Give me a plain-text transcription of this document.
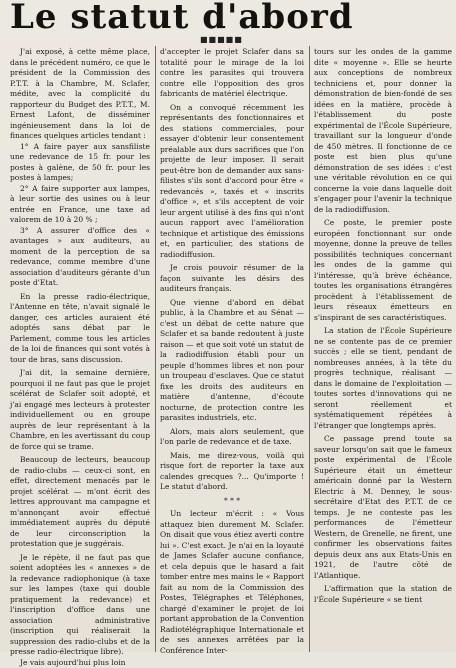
Le statut d'abord
■■■■■

J'ai exposé, à cette même place, dans le précédent numéro, ce que le président de la Commission des P.T.T. à la Chambre, M. Sclafer, médite, avec la complicité du rapporteur du Budget des P.T.T., M. Ernest Lafont, de disséminer ingénieusement dans la loi de finances quelques articles tendant :

1° A faire payer aux sansfiliste une redevance de 15 fr. pour les postes à galène, de 50 fr. pour les postes à lampes;

2° A faire supporter aux lampes, à leur sortie des usines ou à leur entrée en France, une taxe ad valorem de 10 à 20 % ;

3° A assurer d'office des « avantages » aux auditeurs, au moment de la perception de sa redevance, comme membre d'une association d'auditeurs gérante d'un poste d'Etat.

En la presse radio-électrique, l'Antenne en tête, n'avait signalé le danger, ces articles auraient été adoptés sans débat par le Parlement, comme tous les articles de la loi de finances qui sont votés à tour de bras, sans discussion.

J'ai dit, la semaine dernière, pourquoi il ne faut pas que le projet scélérat de Sclafer soit adopté, et j'ai engagé mes lecteurs à protester individuellement ou en groupe auprès de leur représentant à la Chambre, en les avertissant du coup de force qui se trame.

Beaucoup de lecteurs, beaucoup de radio-clubs — ceux-ci sont, en effet, directement menacés par le projet scélérat — m'ont écrit des lettres approuvant ma campagne et m'annonçant avoir effectué immédiatement auprès du député de leur circonscription la protestation que je suggérais.

Je le répète, il ne faut pas que soient adoptées les « annexes » de la redevance radiophonique (à taxe sur les lampes (taxe qui double pratiquement la redevance) et l'inscription d'office dans une association administrative (inscription qui réaliserait la suppression des radio-clubs et de la presse radio-électrique libre).

Je vais aujourd'hui plus loin

d'accepter le projet Sclafer dans sa totalité pour le mirage de la loi contre les parasites qui trouvera contre elle l'opposition des gros fabricants de matériel électrique.

On a convoqué récemment les représentants des fonctionnaires et des stations commerciales, pour essayer d'obtenir leur consentement préalable aux durs sacrifices que l'on projette de leur imposer. Il serait peut-être bon de demander aux sans-filistes s'ils sont d'accord pour être « redevancés », taxés et « inscrits d'office », et s'ils acceptent de voir leur argent utilisé à des fins qui n'ont aucun rapport avec l'amélioration technique et artistique des émissions et, en particulier, des stations de radiodiffusion.

Je crois pouvoir résumer de la façon suivante les désirs des auditeurs français.

Que vienne d'abord en débat public, à la Chambre et au Sénat — c'est un débat de cette nature que Sclafer et sa bande redoutent à juste raison — et que soit voté un statut de la radiodiffusion établi pour un peuple d'hommes libres et non pour un troupeau d'esclaves. Que ce statut fixe les droits des auditeurs en matière d'antenne, d'écoute nocturne, de protection contre les parasites industriels, etc.

Alors, mais alors seulement, que l'on parle de redevance et de taxe.

Mais, me direz-vous, voilà qui risque fort de reporter la taxe aux calendes grecques ?... Qu'importe ! Le statut d'abord.

* * *

Un lecteur m'écrit : « Vous attaquez bien durement M. Sclafer. On disait que vous étiez averti contre lui ». C'est exact. Je n'ai en la loyauté de James Sclafer aucune confiance, et cela depuis que le hasard a fait tomber entre mes mains le « Rapport fait au nom de la Commission des Postes, Télégraphes et Téléphones, chargé d'examiner le projet de loi portant approbation de la Convention Radiotélégraphique Internationale et de ses annexes arrêtées par la Conférence Inter-

tours sur les ondes de la gamme dite « moyenne ». Elle se heurte aux conceptions de nombreux techniciens et, pour donner la démonstration de bien-fondé de ses idées en la matière, procède à l'établissement du poste expérimental de l'École Supérieure, travaillant sur la longueur d'onde de 450 mètres. Il fonctionne de ce poste est bien plus qu'une démonstration de ses idées : c'est une véritable révolution en ce qui concerne la voie dans laquelle doit s'engager pour l'avenir la technique de la radiodiffusion.

Ce poste, le premier poste européen fonctionnant sur onde moyenne, donne la preuve de telles possibilités techniques concernant les ondes de la gamme qui l'intéresse, qu'à brève échéance, toutes les organisations étrangères procèdent à l'établissement de leurs réseaux émetteurs en s'inspirant de ses caractéristiques.

La station de l'École Supérieure ne se contente pas de ce premier succès ; elle se tient, pendant de nombreuses années, à la tête du progrès technique, réalisant — dans le domaine de l'exploitation — toutes sortes d'innovations qui ne seront réellement et systématiquement répétées à l'étranger que longtemps après.

Ce passage prend toute sa saveur lorsqu'on sait que le fameux poste expérimental de l'École Supérieure était un émetteur américain donné par la Western Electric à M. Denney, le sous-secrétaire d'Etat des P.T.T. de ce temps. Je ne conteste pas les performances de l'émetteur Western, de Grenelle, ne firent, une confirmer les observations faites depuis deux ans aux Etats-Unis en 1921, de l'autre côté de l'Atlantique.

L'affirmation que la station de l'École Supérieure « se tient
